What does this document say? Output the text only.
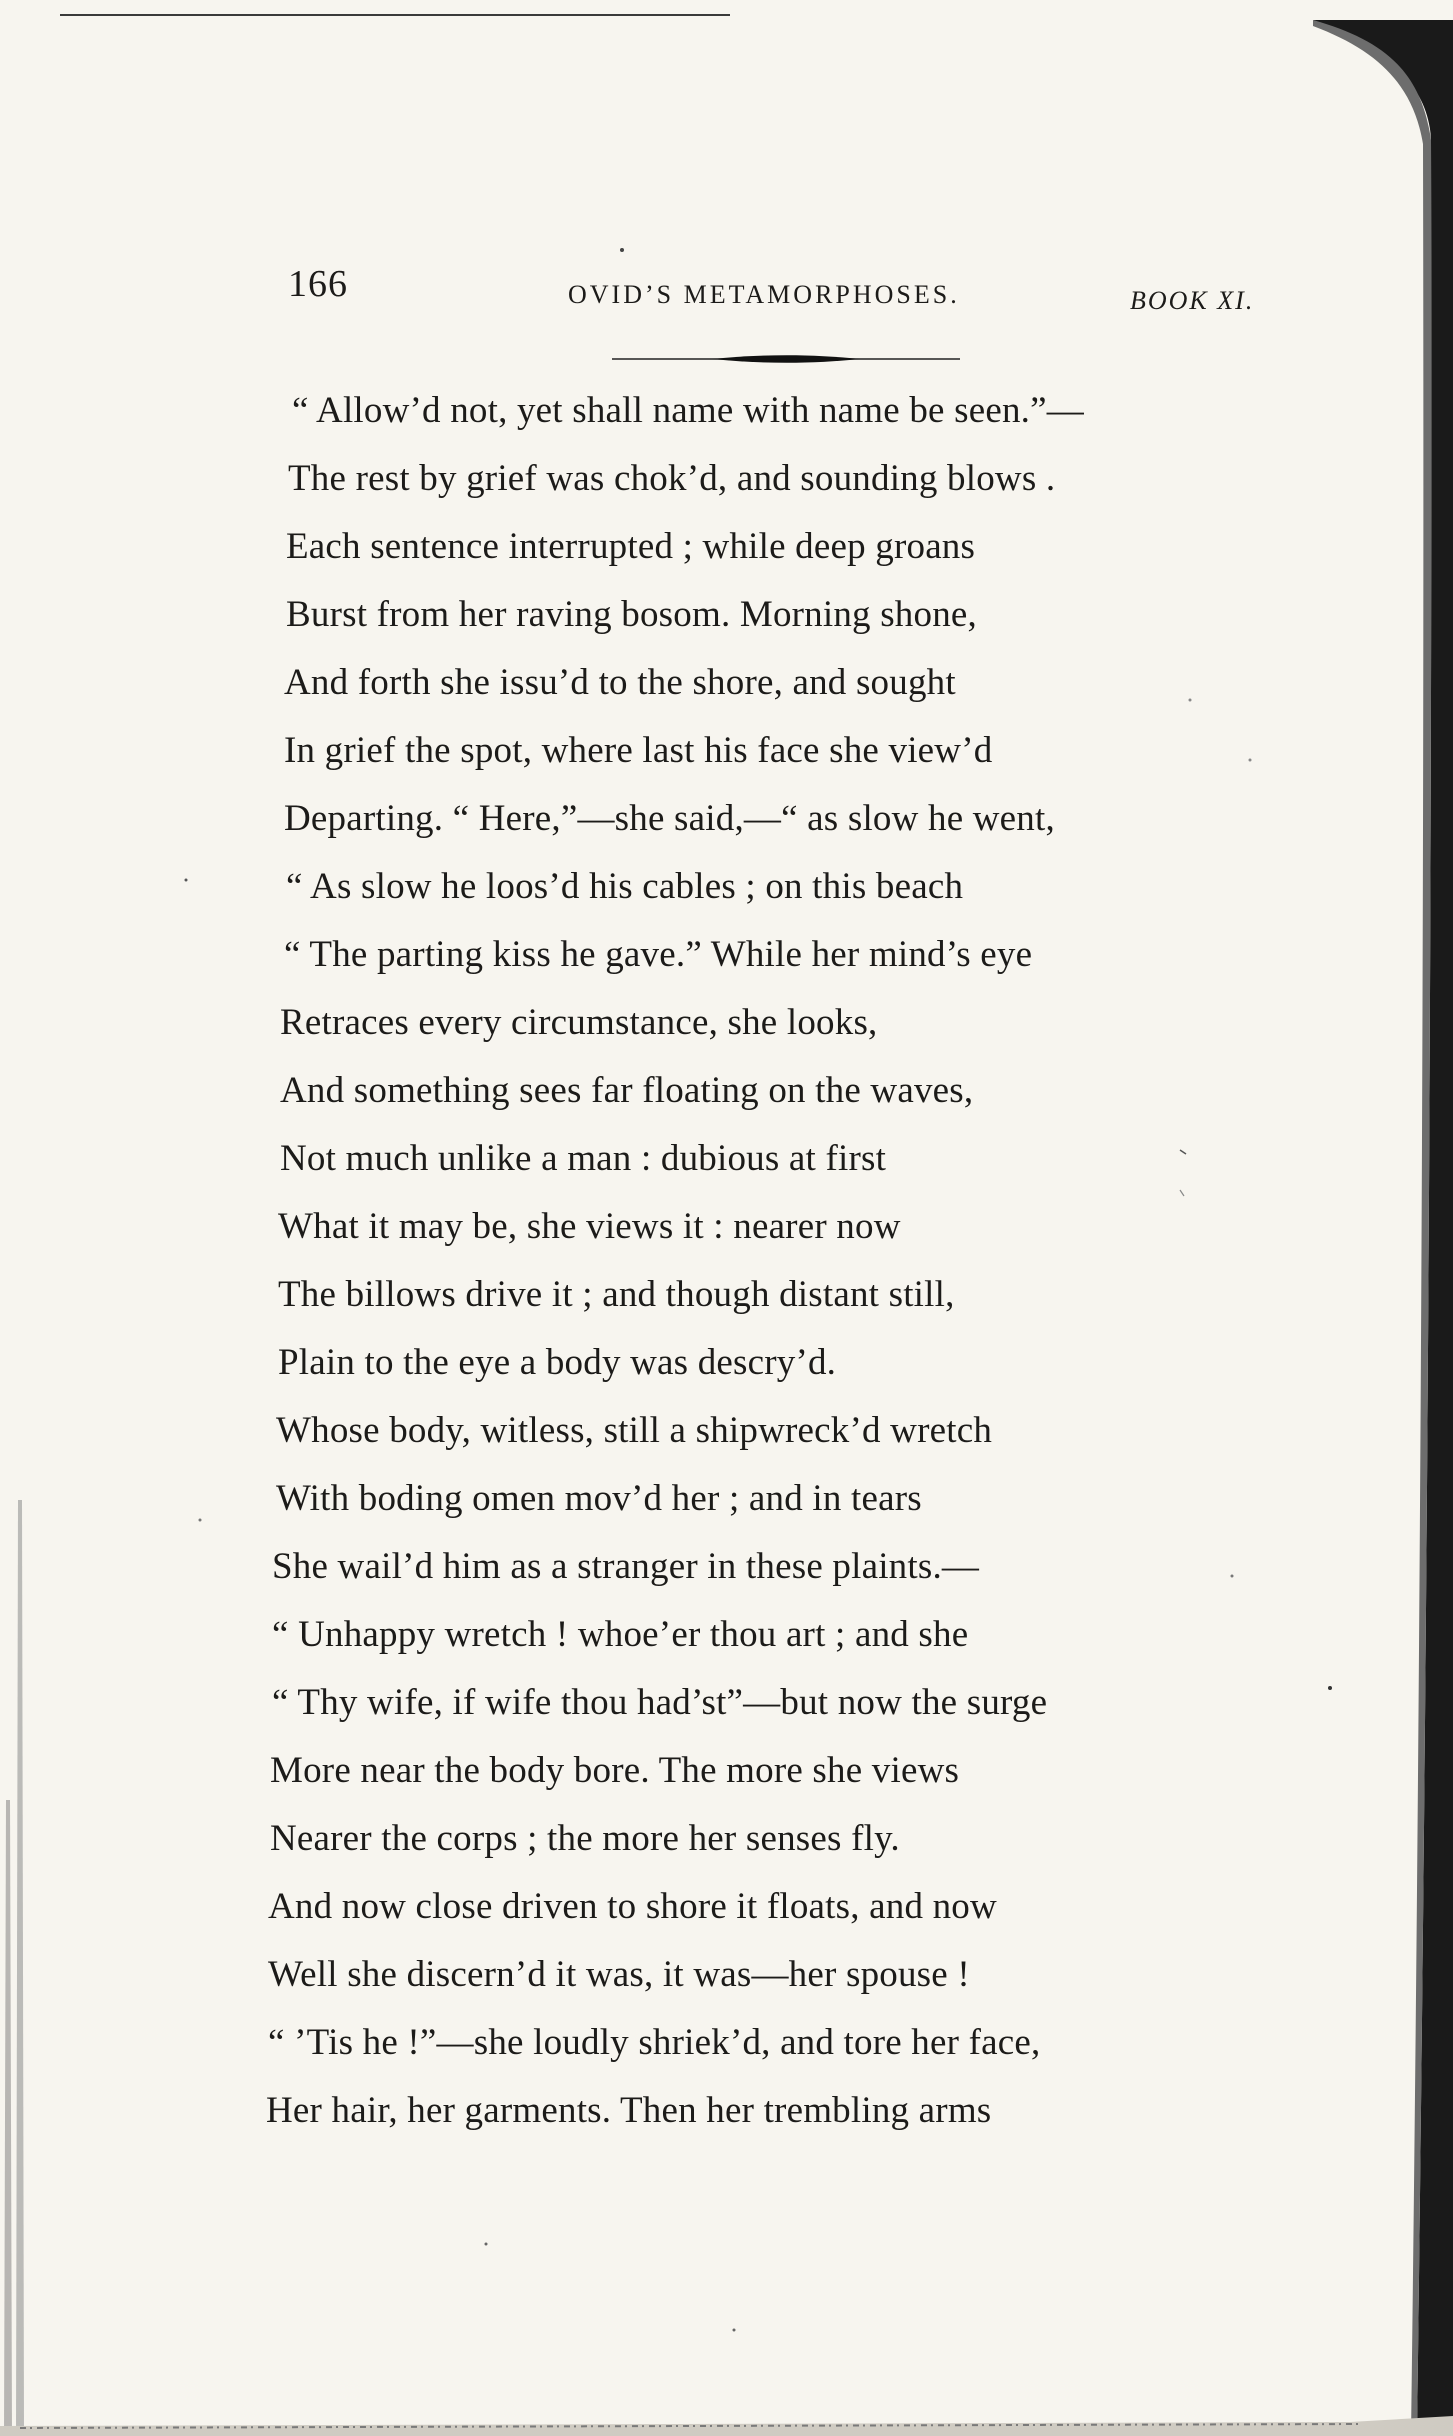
166	OVID’S METAMORPHOSES.	BOOK XI.
“ Allow’d not, yet shall name with name be seen.”—
The rest by grief was chok’d, and sounding blows .
Each sentence interrupted ; while deep groans
Burst from her raving bosom. Morning shone,
And forth she issu’d to the shore, and sought
In grief the spot, where last his face she view’d
Departing. “ Here,”—she said,—“ as slow he went,
“ As slow he loos’d his cables ; on this beach
“ The parting kiss he gave.” While her mind’s eye
Retraces every circumstance, she looks,
And something sees far floating on the waves,
Not much unlike a man : dubious at first
What it may be, she views it : nearer now
The billows drive it ; and though distant still,
Plain to the eye a body was descry’d.
Whose body, witless, still a shipwreck’d wretch
With boding omen mov’d her ; and in tears
She wail’d him as a stranger in these plaints.—
“ Unhappy wretch ! whoe’er thou art ; and she
“ Thy wife, if wife thou had’st”—but now the surge
More near the body bore. The more she views
Nearer the corps ; the more her senses fly.
And now close driven to shore it floats, and now
Well she discern’d it was, it was—her spouse !
“ ’Tis he !”—she loudly shriek’d, and tore her face,
Her hair, her garments. Then her trembling arms
